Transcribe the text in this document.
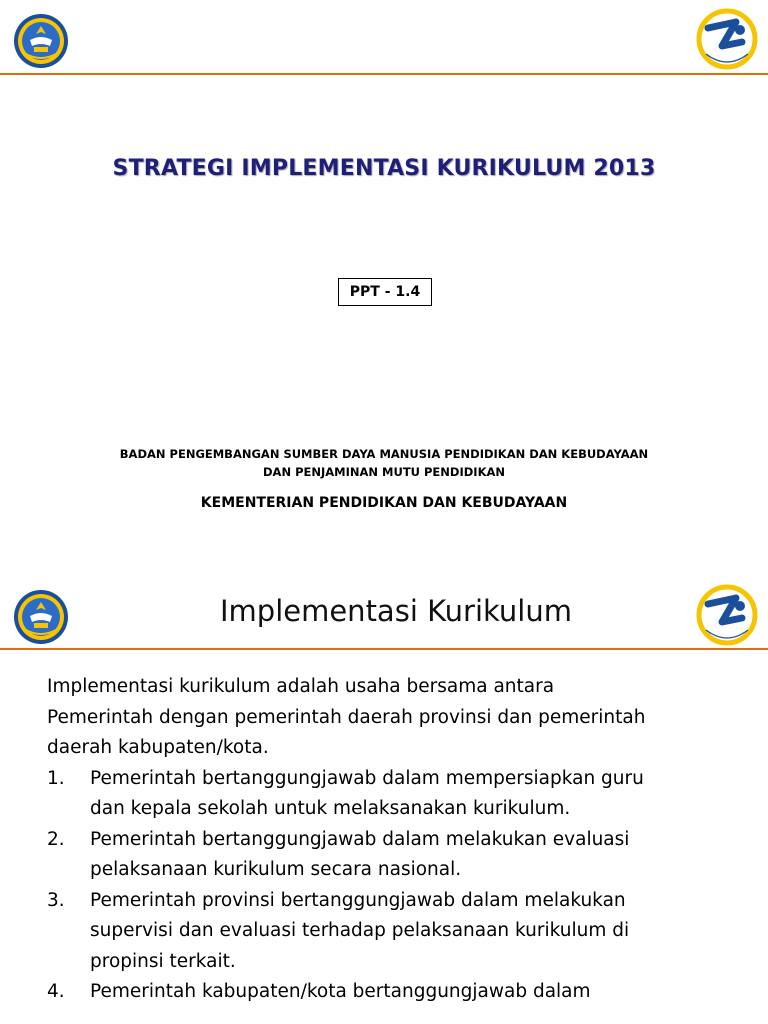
STRATEGI IMPLEMENTASI KURIKULUM 2013
PPT - 1.4
BADAN PENGEMBANGAN SUMBER DAYA MANUSIA PENDIDIKAN DAN KEBUDAYAAN
DAN PENJAMINAN MUTU PENDIDIKAN
KEMENTERIAN PENDIDIKAN DAN KEBUDAYAAN
Implementasi Kurikulum

Implementasi kurikulum adalah usaha bersama antara
Pemerintah dengan pemerintah daerah provinsi dan pemerintah
daerah kabupaten/kota.

1. Pemerintah bertanggungjawab dalam mempersiapkan guru
dan kepala sekolah untuk melaksanakan kurikulum.
2. Pemerintah bertanggungjawab dalam melakukan evaluasi
pelaksanaan kurikulum secara nasional.
3. Pemerintah provinsi bertanggungjawab dalam melakukan
supervisi dan evaluasi terhadap pelaksanaan kurikulum di
propinsi terkait.
4. Pemerintah kabupaten/kota bertanggungjawab dalam
